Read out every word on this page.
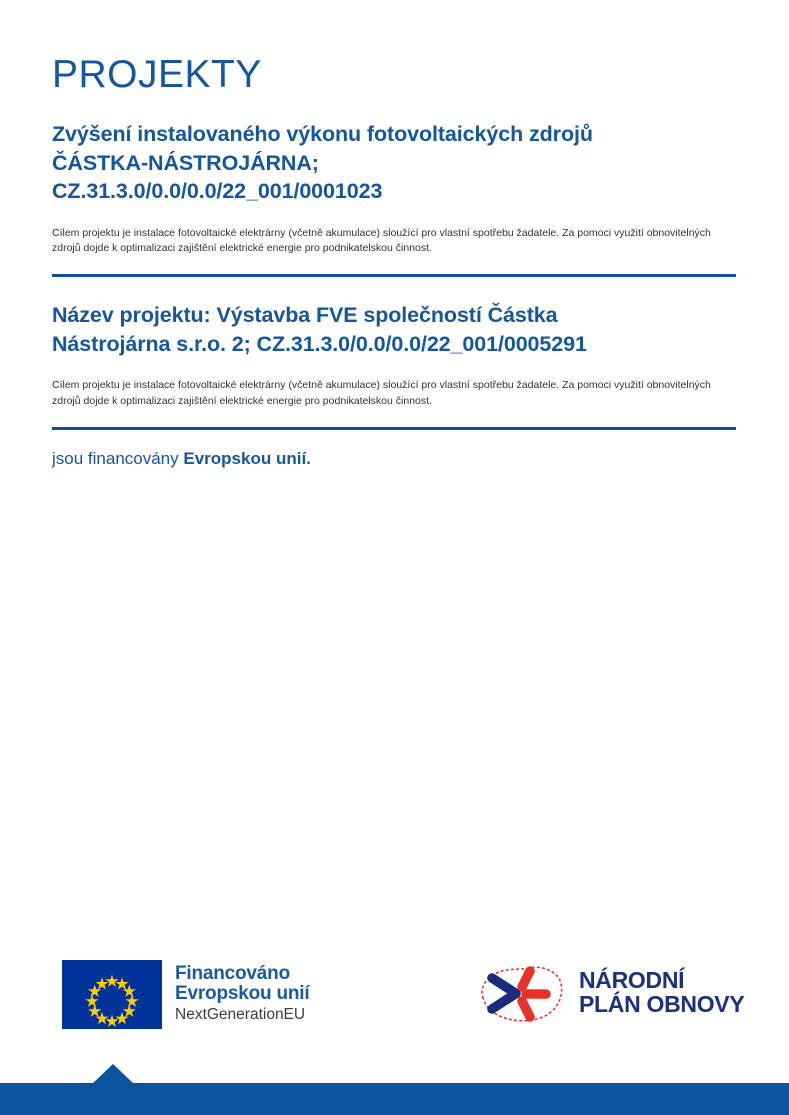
PROJEKTY
Zvýšení instalovaného výkonu fotovoltaických zdrojů
ČÁSTKA-NÁSTROJÁRNA;
CZ.31.3.0/0.0/0.0/22_001/0001023

Cílem projektu je instalace fotovoltaické elektrárny (včetně akumulace) sloužící pro vlastní spotřebu žadatele. Za pomoci využití obnovitelných zdrojů dojde k optimalizaci zajištění elektrické energie pro podnikatelskou činnost.

Název projektu: Výstavba FVE společností Částka
Nástrojárna s.r.o. 2; CZ.31.3.0/0.0/0.0/22_001/0005291

Cílem projektu je instalace fotovoltaické elektrárny (včetně akumulace) sloužící pro vlastní spotřebu žadatele. Za pomoci využití obnovitelných zdrojů dojde k optimalizaci zajištění elektrické energie pro podnikatelskou činnost.

jsou financovány Evropskou unií.

Financováno
Evropskou unií
NextGenerationEU
NÁRODNÍ
PLÁN OBNOVY
